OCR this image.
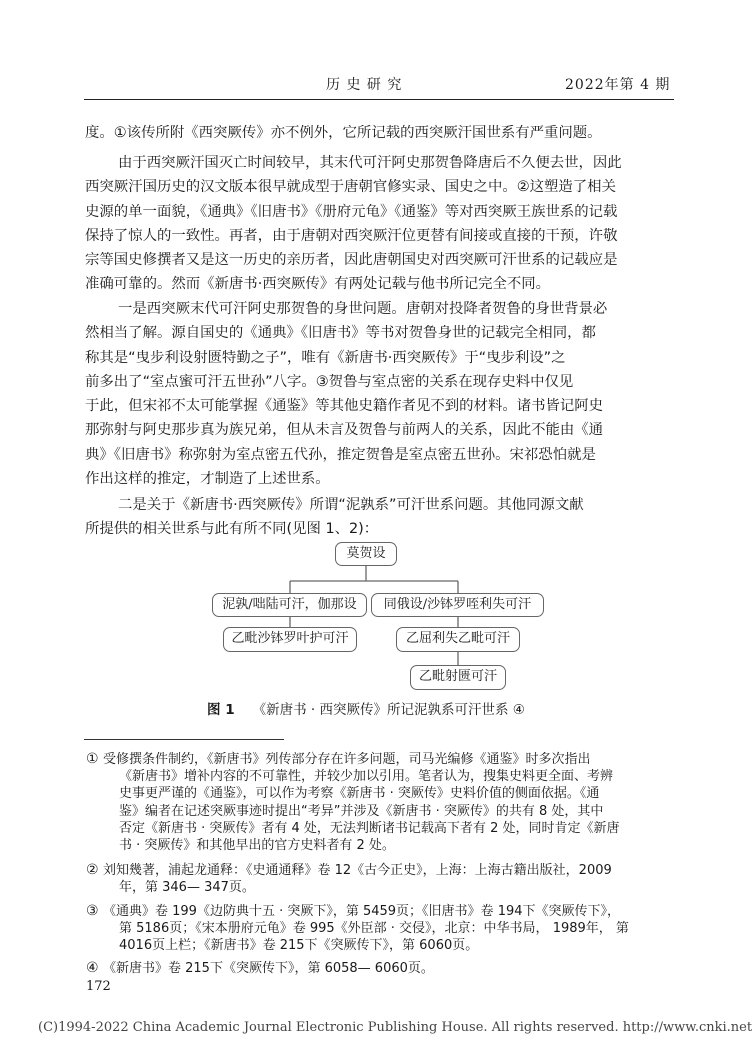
历 史 研 究	2022年第 4 期
度。①该传所附《西突厥传》亦不例外，它所记载的西突厥汗国世系有严重问题。
由于西突厥汗国灭亡时间较早，其末代可汗阿史那贺鲁降唐后不久便去世，因此
西突厥汗国历史的汉文版本很早就成型于唐朝官修实录、国史之中。②这塑造了相关
史源的单一面貌，《通典》《旧唐书》《册府元龟》《通鉴》等对西突厥王族世系的记载
保持了惊人的一致性。再者，由于唐朝对西突厥汗位更替有间接或直接的干预，许敬
宗等国史修撰者又是这一历史的亲历者，因此唐朝国史对西突厥可汗世系的记载应是
准确可靠的。然而《新唐书·西突厥传》有两处记载与他书所记完全不同。
一是西突厥末代可汗阿史那贺鲁的身世问题。唐朝对投降者贺鲁的身世背景必
然相当了解。源自国史的《通典》《旧唐书》等书对贺鲁身世的记载完全相同，都
称其是“曳步利设射匮特勤之子”，唯有《新唐书·西突厥传》于“曳步利设”之
前多出了“室点蜜可汗五世孙”八字。③贺鲁与室点密的关系在现存史料中仅见
于此，但宋祁不太可能掌握《通鉴》等其他史籍作者见不到的材料。诸书皆记阿史
那弥射与阿史那步真为族兄弟，但从未言及贺鲁与前两人的关系，因此不能由《通
典》《旧唐书》称弥射为室点密五代孙，推定贺鲁是室点密五世孙。宋祁恐怕就是
作出这样的推定，才制造了上述世系。
二是关于《新唐书·西突厥传》所谓“泥孰系”可汗世系问题。其他同源文献
所提供的相关世系与此有所不同(见图 1、2)：
莫贺设
泥孰/咄陆可汗，伽那设	同俄设/沙钵罗咥利失可汗
乙毗沙钵罗叶护可汗	乙屈利失乙毗可汗
乙毗射匮可汗
图 1 《新唐书 · 西突厥传》所记泥孰系可汗世系 ④
① 受修撰条件制约，《新唐书》列传部分存在许多问题，司马光编修《通鉴》时多次指出
《新唐书》增补内容的不可靠性，并较少加以引用。笔者认为，搜集史料更全面、考辨
史事更严谨的《通鉴》，可以作为考察《新唐书 · 突厥传》史料价值的侧面依据。《通
鉴》编者在记述突厥事迹时提出“考异”并涉及《新唐书 · 突厥传》的共有 8 处，其中
否定《新唐书 · 突厥传》者有 4 处，无法判断诸书记载高下者有 2 处，同时肯定《新唐
书 · 突厥传》和其他早出的官方史料者有 2 处。
② 刘知幾著，浦起龙通释：《史通通释》卷 12《古今正史》，上海：上海古籍出版社，2009
年，第 346— 347页。
③ 《通典》卷 199《边防典十五 · 突厥下》，第 5459页；《旧唐书》卷 194下《突厥传下》，
第 5186页；《宋本册府元龟》卷 995《外臣部 · 交侵》，北京：中华书局， 1989年， 第
4016页上栏；《新唐书》卷 215下《突厥传下》，第 6060页。
④ 《新唐书》卷 215下《突厥传下》，第 6058— 6060页。
172
(C)1994-2022 China Academic Journal Electronic Publishing House. All rights reserved. http://www.cnki.net
